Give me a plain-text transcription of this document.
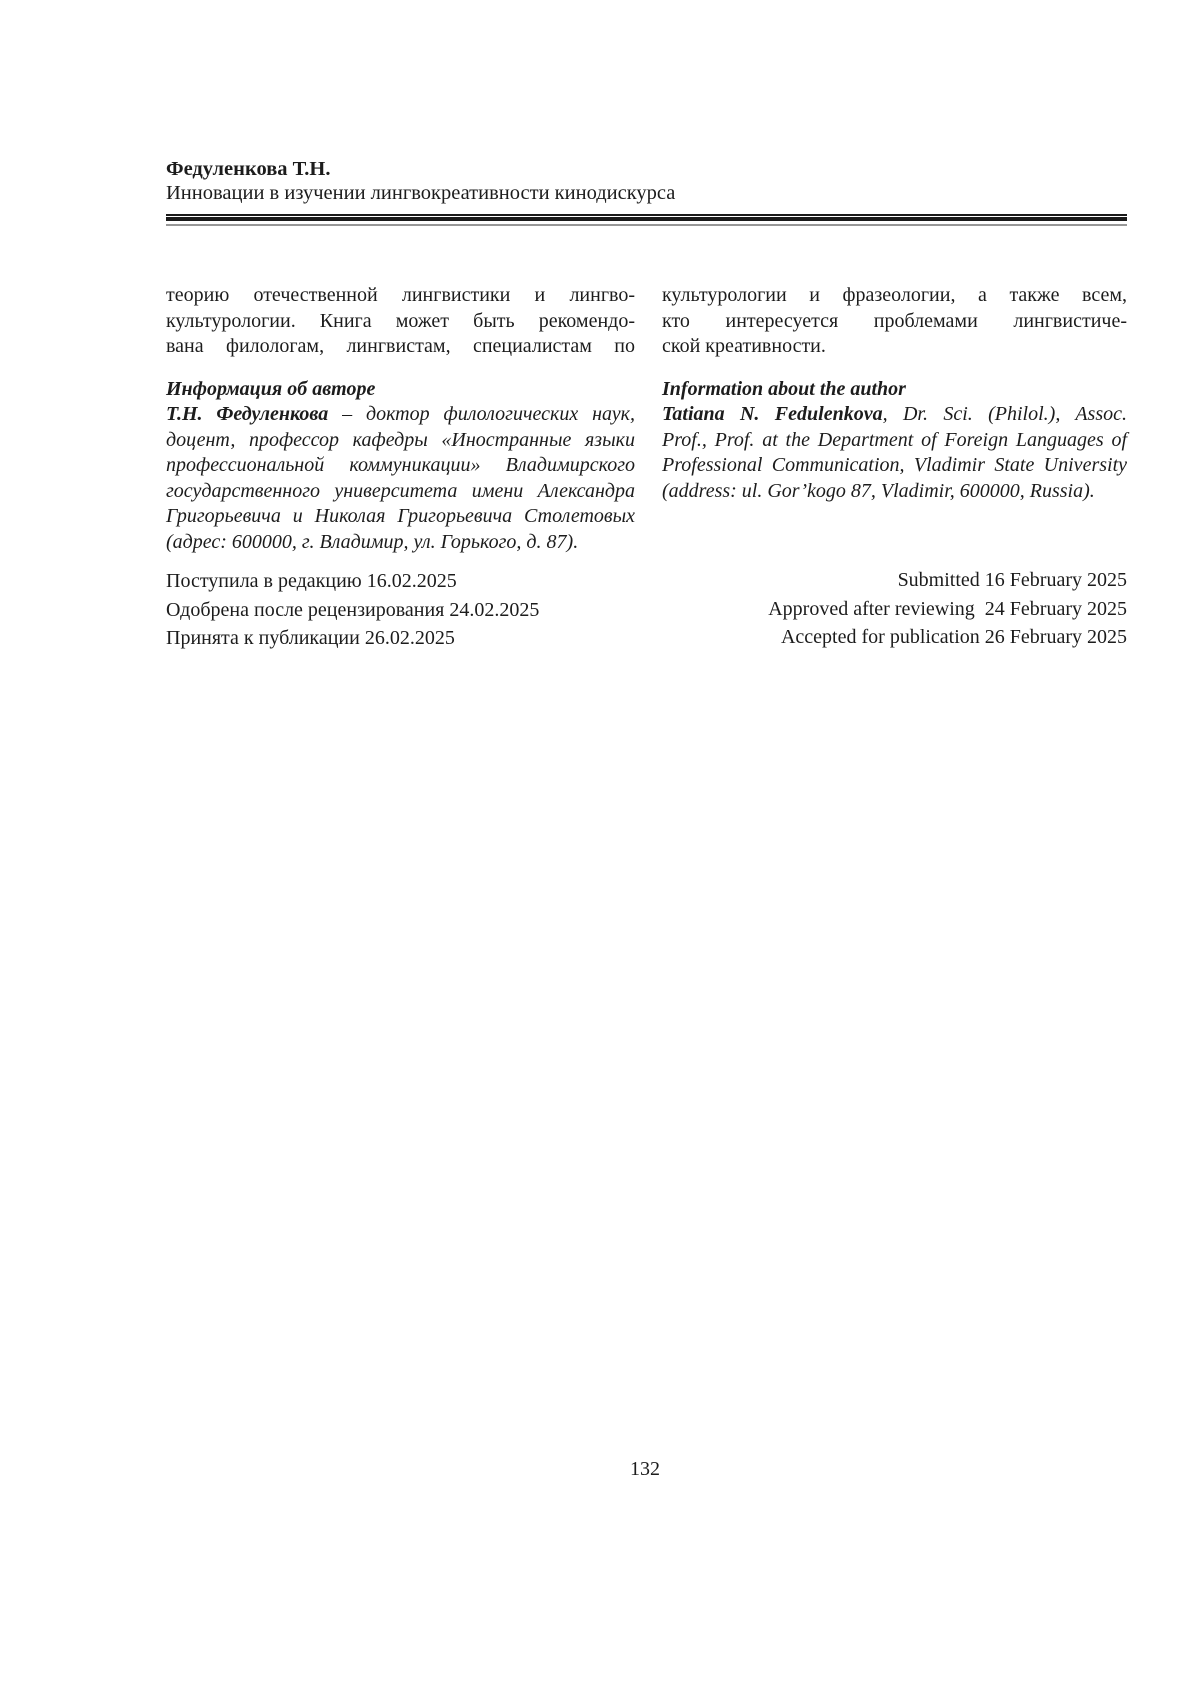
Федуленкова Т.Н.
Инновации в изучении лингвокреативности кинодискурса
теорию отечественной лингвистики и лингво-
культурологии. Книга может быть рекомендо-
вана филологам, лингвистам, специалистам по
Информация об авторе
Т.Н. Федуленкова – доктор филологических наук,
доцент, профессор кафедры «Иностранные языки
профессиональной коммуникации» Владимирского
государственного университета имени Александра
Григорьевича и Николая Григорьевича Столетовых
(адрес: 600000, г. Владимир, ул. Горького, д. 87).
Поступила в редакцию 16.02.2025
Одобрена после рецензирования 24.02.2025
Принята к публикации 26.02.2025
культурологии и фразеологии, а также всем,
кто интересуется проблемами лингвистиче-
ской креативности.
Information about the author
Tatiana N. Fedulenkova, Dr. Sci. (Philol.), Assoc.
Prof., Prof. at the Department of Foreign Languages of
Professional Communication, Vladimir State University
(address: ul. Gor’kogo 87, Vladimir, 600000, Russia).
Submitted 16 February 2025
Approved after reviewing  24 February 2025
Accepted for publication 26 February 2025
132
